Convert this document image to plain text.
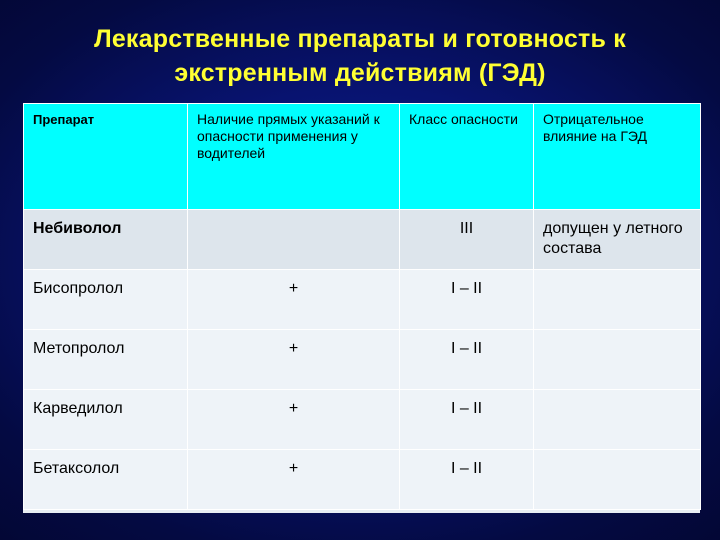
Лекарственные препараты и готовность к
экстренным действиям (ГЭД)
Препарат	Наличие прямых указаний к опасности применения у водителей	Класс опасности	Отрицательное влияние на ГЭД
Небиволол		III	допущен у летного состава
Бисопролол	+	I – II	
Метопролол	+	I – II	
Карведилол	+	I – II	
Бетаксолол	+	I – II	
